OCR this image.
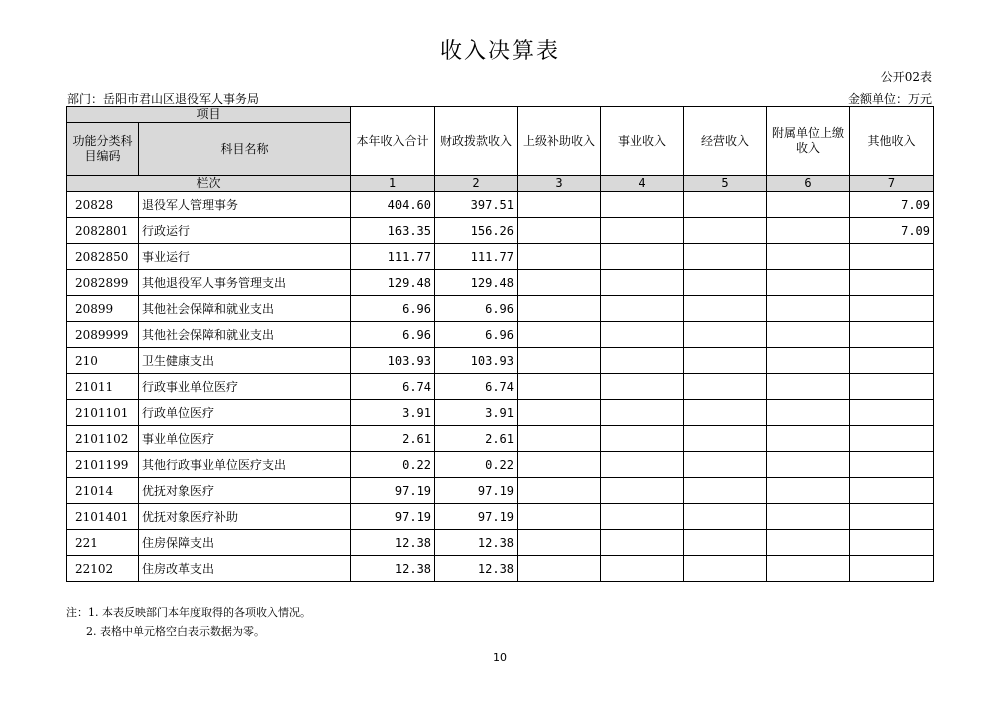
收入决算表
公开02表
部门：岳阳市君山区退役军人事务局	金额单位：万元
项目		本年收入合计	财政拨款收入	上级补助收入	事业收入	经营收入	附属单位上缴收入	其他收入
功能分类科目编码	科目名称							
栏次		1	2	3	4	5	6	7
20828	退役军人管理事务	404.60	397.51					7.09
2082801	行政运行	163.35	156.26					7.09
2082850	事业运行	111.77	111.77					
2082899	其他退役军人事务管理支出	129.48	129.48					
20899	其他社会保障和就业支出	6.96	6.96					
2089999	其他社会保障和就业支出	6.96	6.96					
210	卫生健康支出	103.93	103.93					
21011	行政事业单位医疗	6.74	6.74					
2101101	行政单位医疗	3.91	3.91					
2101102	事业单位医疗	2.61	2.61					
2101199	其他行政事业单位医疗支出	0.22	0.22					
21014	优抚对象医疗	97.19	97.19					
2101401	优抚对象医疗补助	97.19	97.19					
221	住房保障支出	12.38	12.38					
22102	住房改革支出	12.38	12.38					
注：1. 本表反映部门本年度取得的各项收入情况。
2. 表格中单元格空白表示数据为零。
10
